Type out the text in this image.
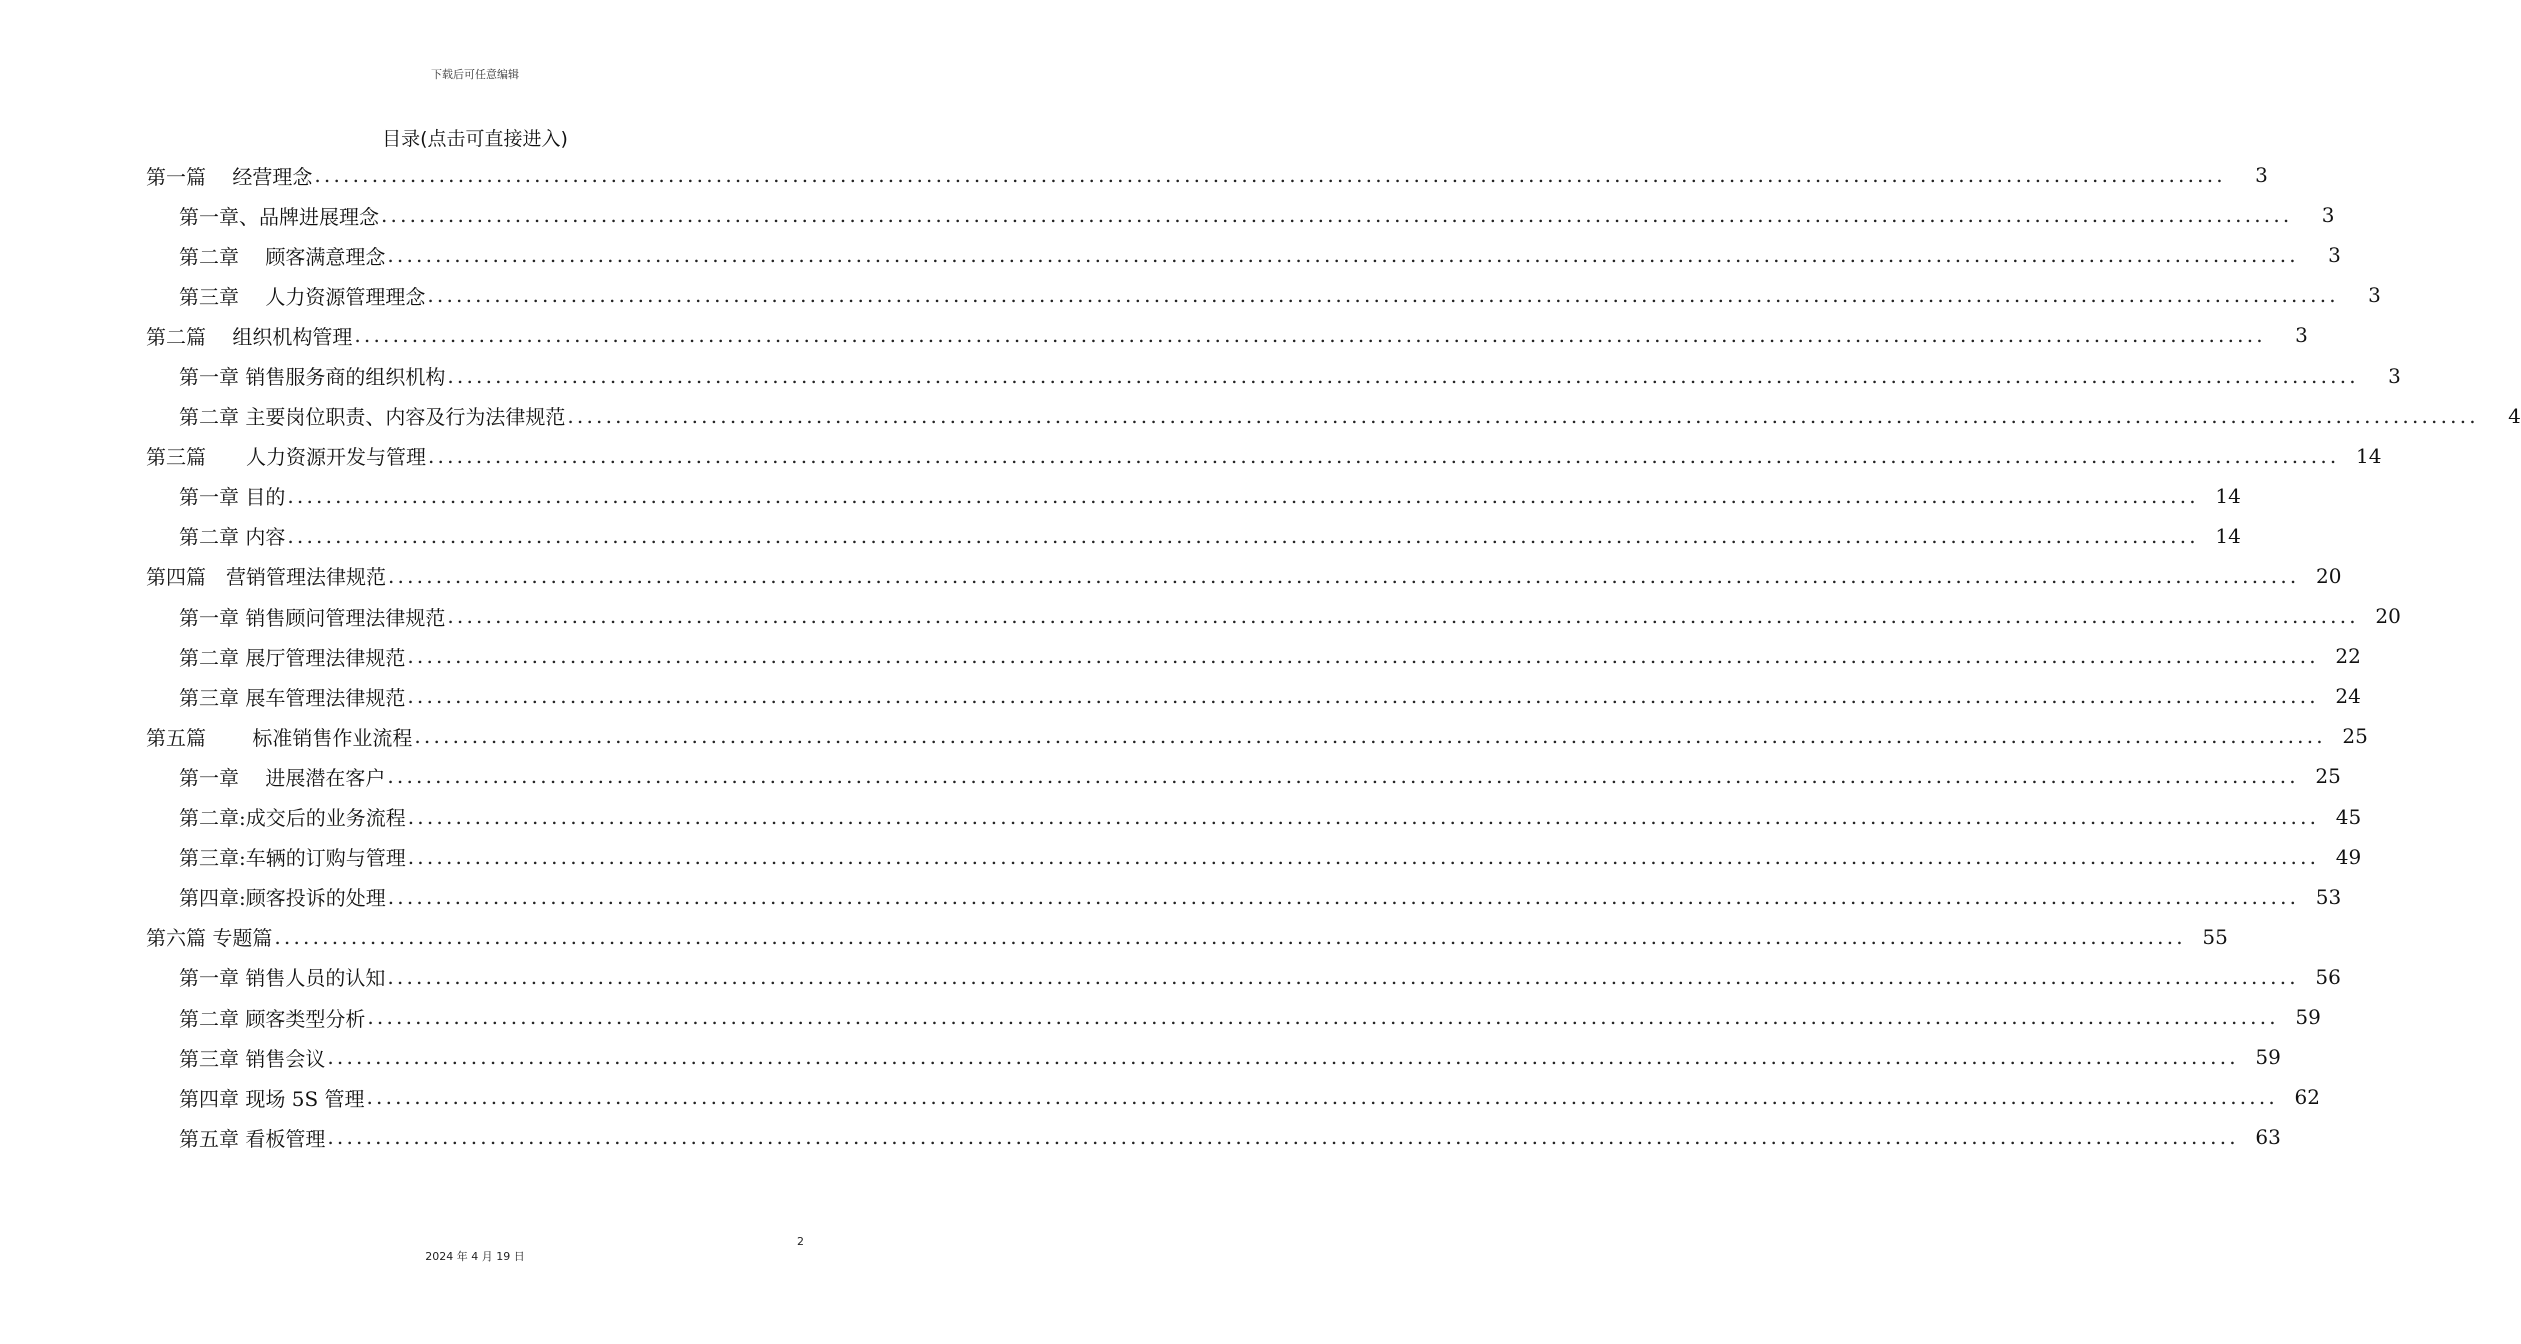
下载后可任意编辑
目录(点击可直接进入)
第一篇　 经营理念 ........................................................................................................................................................................................................	3
第一章、品牌进展理念 ........................................................................................................................................................................................................	3
第二章　 顾客满意理念 ........................................................................................................................................................................................................	3
第三章　 人力资源管理理念 ........................................................................................................................................................................................................	3
第二篇　 组织机构管理 ........................................................................................................................................................................................................	3
第一章 销售服务商的组织机构 ........................................................................................................................................................................................................	3
第二章 主要岗位职责、内容及行为法律规范 ........................................................................................................................................................................................................	4
第三篇　　人力资源开发与管理 ........................................................................................................................................................................................................ 14
第一章 目的 ........................................................................................................................................................................................................ 14
第二章 内容 ........................................................................................................................................................................................................ 14
第四篇　营销管理法律规范 ........................................................................................................................................................................................................ 20
第一章 销售顾问管理法律规范 ........................................................................................................................................................................................................ 20
第二章 展厅管理法律规范 ........................................................................................................................................................................................................ 22
第三章 展车管理法律规范 ........................................................................................................................................................................................................ 24
第五篇　　 标准销售作业流程 ........................................................................................................................................................................................................ 25
第一章　 进展潜在客户 ........................................................................................................................................................................................................ 25
第二章:成交后的业务流程 ........................................................................................................................................................................................................ 45
第三章:车辆的订购与管理 ........................................................................................................................................................................................................ 49
第四章:顾客投诉的处理 ........................................................................................................................................................................................................ 53
第六篇 专题篇 ........................................................................................................................................................................................................ 55
第一章 销售人员的认知 ........................................................................................................................................................................................................ 56
第二章 顾客类型分析 ........................................................................................................................................................................................................ 59
第三章 销售会议 ........................................................................................................................................................................................................ 59
第四章 现场 5S 管理 ........................................................................................................................................................................................................ 62
第五章 看板管理 ........................................................................................................................................................................................................ 63
2
2024 年 4 月 19 日
